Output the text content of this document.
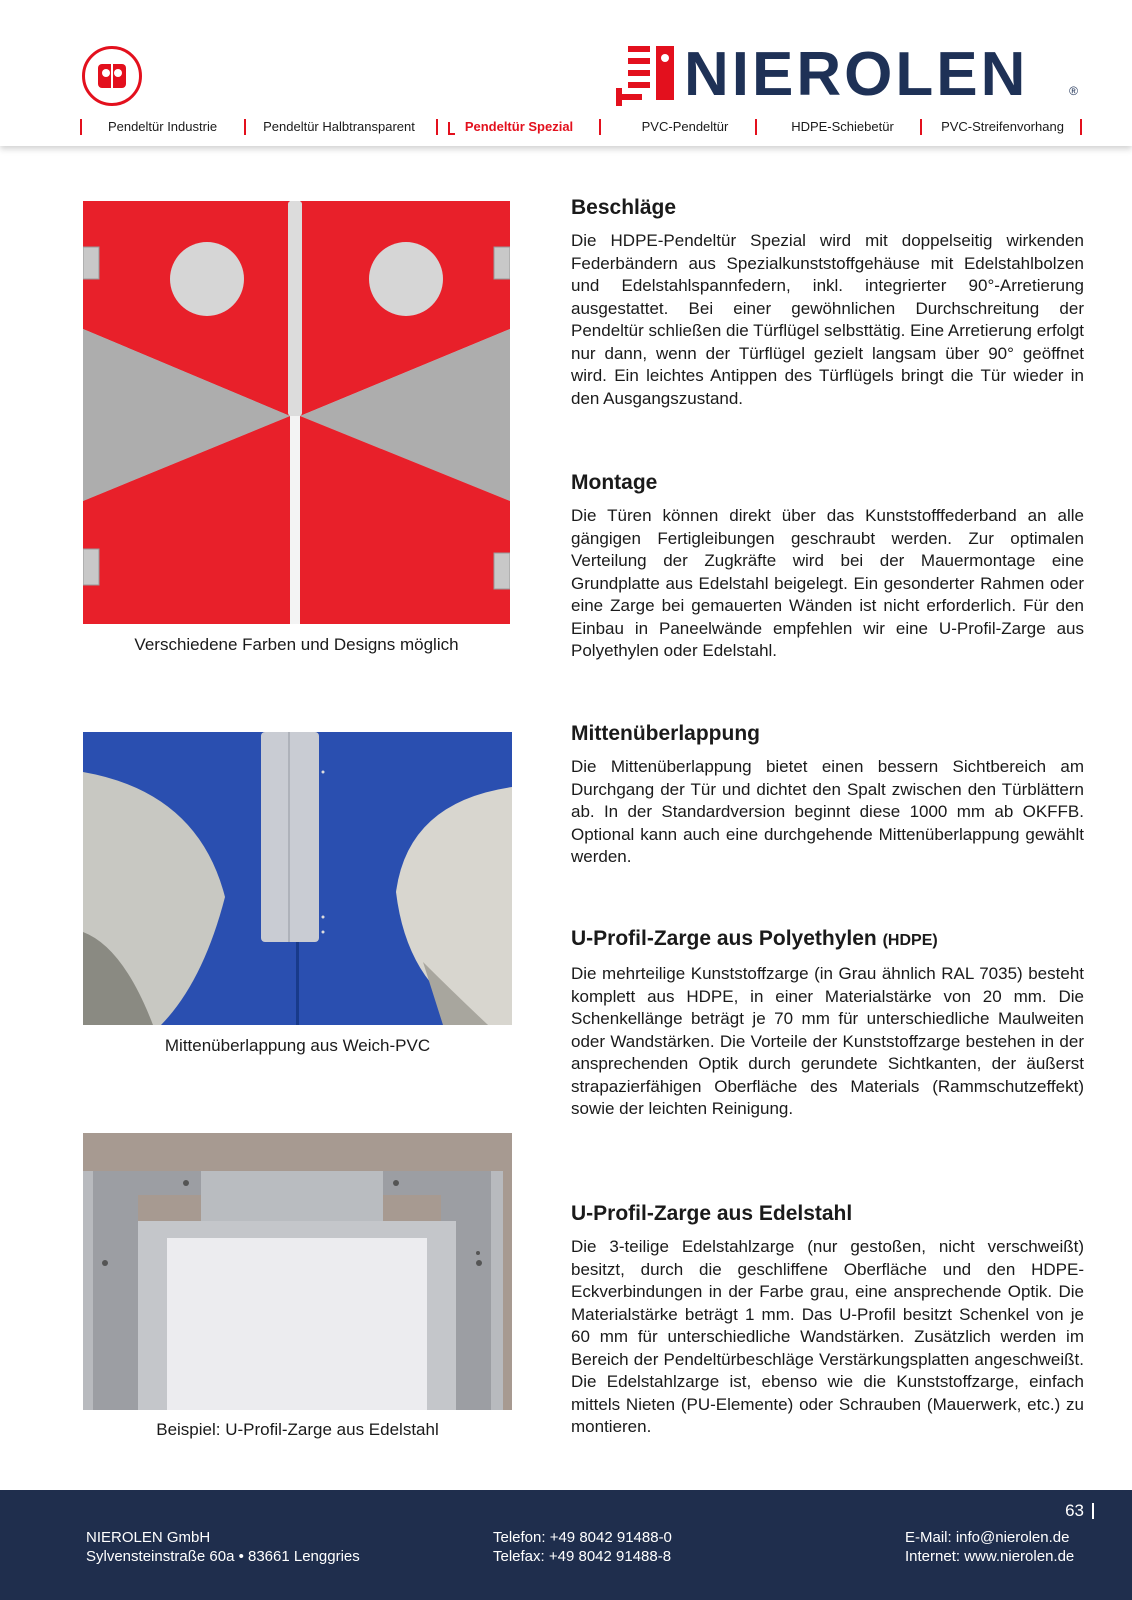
NIEROLEN	®
Pendeltür Industrie	Pendeltür Halbtransparent	Pendeltür Spezial	PVC-Pendeltür	HDPE-Schiebetür	PVC-Streifenvorhang
Verschiedene Farben und Designs möglich
Mittenüberlappung aus Weich-PVC
Beispiel: U-Profil-Zarge aus Edelstahl
Beschläge

Die HDPE-Pendeltür Spezial wird mit doppelseitig wirkenden Federbändern aus Spezialkunststoffgehäuse mit Edelstahlbolzen und Edelstahlspannfedern, inkl. integrierter 90°-Arretierung ausgestattet. Bei einer gewöhnlichen Durchschreitung der Pendeltür schließen die Türflügel selbsttätig. Eine Arretierung erfolgt nur dann, wenn der Türflügel gezielt langsam über 90° geöffnet wird. Ein leichtes Antippen des Türflügels bringt die Tür wieder in den Ausgangszustand.

Montage

Die Türen können direkt über das Kunststofffederband an alle gängigen Fertigleibungen geschraubt werden. Zur optimalen Verteilung der Zugkräfte wird bei der Mauermontage eine Grundplatte aus Edelstahl beigelegt. Ein gesonderter Rahmen oder eine Zarge bei gemauerten Wänden ist nicht erforderlich. Für den Einbau in Paneelwände empfehlen wir eine U-Profil-Zarge aus Polyethylen oder Edelstahl.

Mittenüberlappung

Die Mittenüberlappung bietet einen bessern Sichtbereich am Durchgang der Tür und dichtet den Spalt zwischen den Türblättern ab. In der Standardversion beginnt diese 1000 mm ab OKFFB. Optional kann auch eine durchgehende Mittenüberlappung gewählt werden.

U-Profil-Zarge aus Polyethylen (HDPE)

Die mehrteilige Kunststoffzarge (in Grau ähnlich RAL 7035) besteht komplett aus HDPE, in einer Materialstärke von 20 mm. Die Schenkellänge beträgt je 70 mm für unterschiedliche Maulweiten oder Wandstärken. Die Vorteile der Kunststoffzarge bestehen in der ansprechenden Optik durch gerundete Sichtkanten, der äußerst strapazierfähigen Oberfläche des Materials (Rammschutzeffekt) sowie der leichten Reinigung.

U-Profil-Zarge aus Edelstahl

Die 3-teilige Edelstahlzarge (nur gestoßen, nicht verschweißt) besitzt, durch die geschliffene Oberfläche und den HDPE-Eckverbindungen in der Farbe grau, eine ansprechende Optik. Die Materialstärke beträgt 1 mm. Das U-Profil besitzt Schenkel von je 60 mm für unterschiedliche Wandstärken. Zusätzlich werden im Bereich der Pendeltürbeschläge Verstärkungsplatten angeschweißt. Die Edelstahlzarge ist, ebenso wie die Kunststoffzarge, einfach mittels Nieten (PU-Elemente) oder Schrauben (Mauerwerk, etc.) zu montieren.

63
NIEROLEN GmbH
Sylvensteinstraße 60a • 83661 Lenggries
Telefon: +49 8042 91488-0
Telefax: +49 8042 91488-8
E-Mail: info@nierolen.de
Internet: www.nierolen.de
